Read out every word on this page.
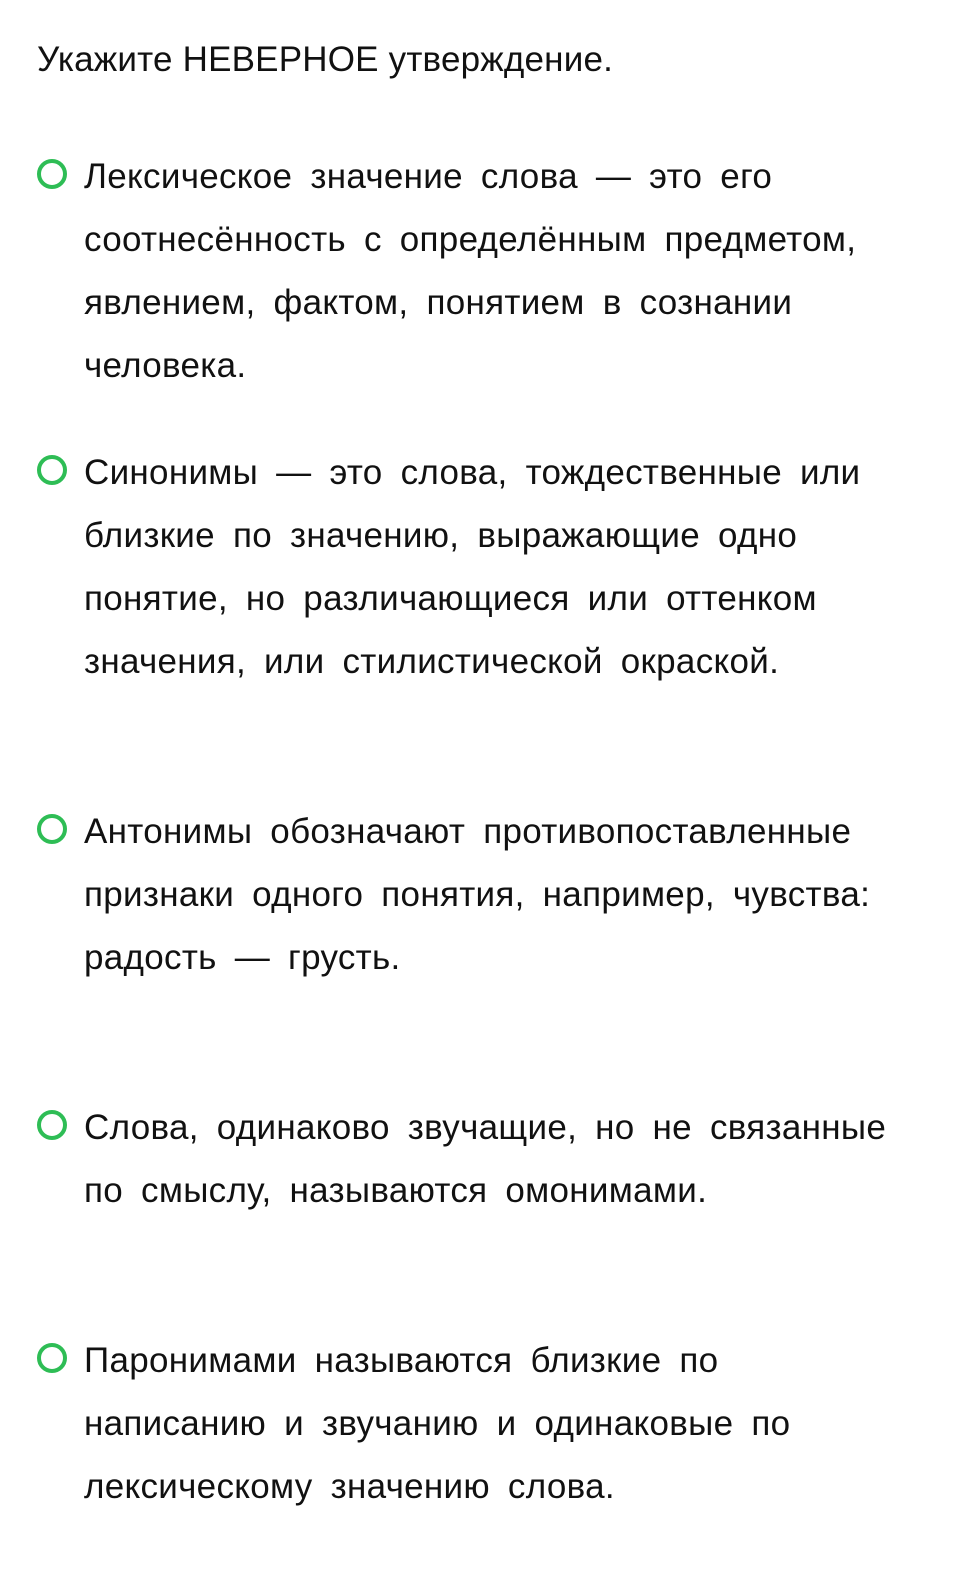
Укажите НЕВЕРНОЕ утверждение.
Лексическое значение слова — это его соотнесённость с определённым предметом, явлением, фактом, понятием в сознании человека.
Синонимы — это слова, тождественные или близкие по значению, выражающие одно понятие, но различающиеся или оттенком значения, или стилистической окраской.
Антонимы обозначают противопоставленные признаки одного понятия, например, чувства: радость — грусть.
Слова, одинаково звучащие, но не связанные по смыслу, называются омонимами.
Паронимами называются близкие по написанию и звучанию и одинаковые по лексическому значению слова.
